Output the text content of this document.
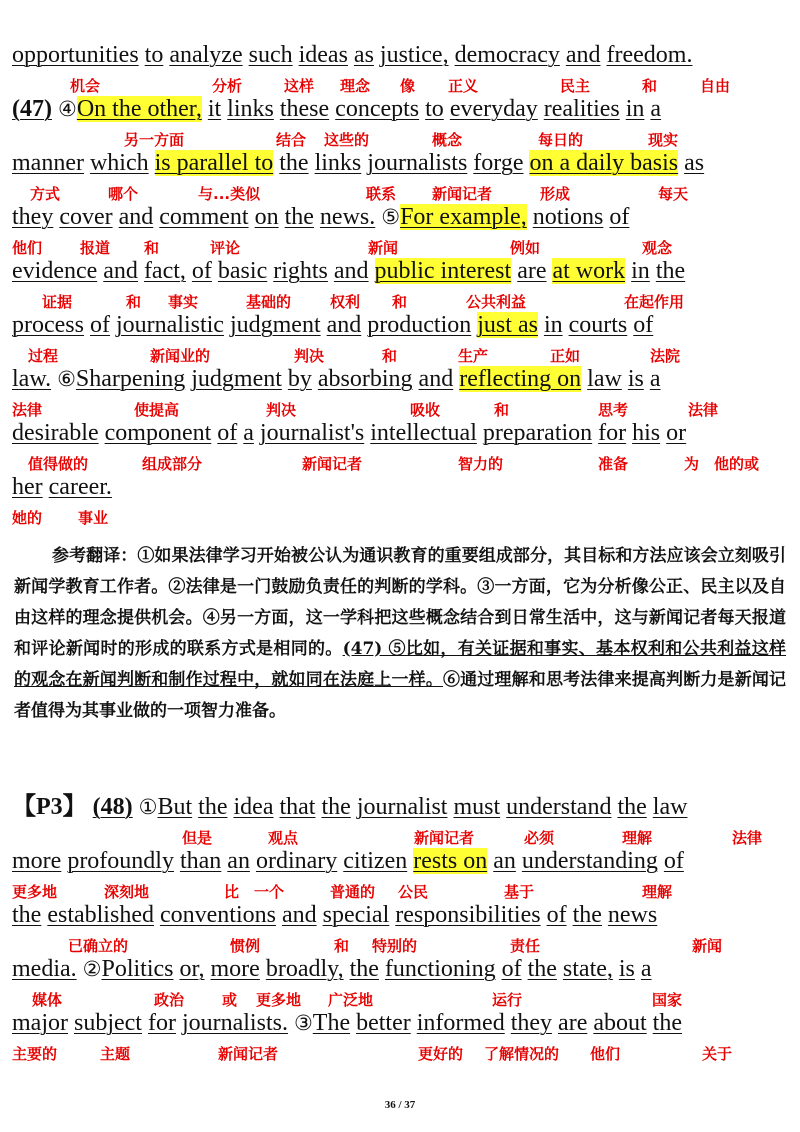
opportunities to analyze such ideas as justice, democracy and freedom.
(47) ④On the other, it links these concepts to everyday realities in a
manner which is parallel to the links journalists forge on a daily basis as
they cover and comment on the news. ⑤For example, notions of
evidence and fact, of basic rights and public interest are at work in the
process of journalistic judgment and production just as in courts of
law. ⑥Sharpening judgment by absorbing and reflecting on law is a
desirable component of a journalist's intellectual preparation for his or
her career.
【P3】 (48) ①But the idea that the journalist must understand the law
more profoundly than an ordinary citizen rests on an understanding of
the established conventions and special responsibilities of the news
media. ②Politics or, more broadly, the functioning of the state, is a
major subject for journalists. ③The better informed they are about the
机会	分析	这样 理念 像 正义	民主	和	自由
另一方面	结合 这些的	概念	每日的	现实
方式	哪个	与...类似	联系 新闻记者	形成	每天
他们	报道 和	评论	新闻	例如	观念
证据	和 事实	基础的	权利 和	公共利益	在起作用
过程	新闻业的	判决	和	生产	正如	法院
法律	使提高	判决	吸收	和	思考	法律
值得做的	组成部分	新闻记者	智力的	准备	为 他的或
她的 事业
但是	观点	新闻记者	必须	理解	法律
更多地	深刻地	比 一个	普通的 公民	基于	理解
已确立的	惯例	和 特别的	责任	新闻
媒体	政治	或 更多地 广泛地	运行	国家
主要的	主题	新闻记者	更好的 了解情况的 他们	关于

参考翻译：①如果法律学习开始被公认为通识教育的重要组成部分，其目标和方法应该会立刻吸引新闻学教育工作者。②法律是一门鼓励负责任的判断的学科。③一方面，它为分析像公正、民主以及自由这样的理念提供机会。④另一方面，这一学科把这些概念结合到日常生活中，这与新闻记者每天报道和评论新闻时的形成的联系方式是相同的。(47) ⑤比如，有关证据和事实、基本权利和公共利益这样的观念在新闻判断和制作过程中，就如同在法庭上一样。⑥通过理解和思考法律来提高判断力是新闻记者值得为其事业做的一项智力准备。

36 / 37
